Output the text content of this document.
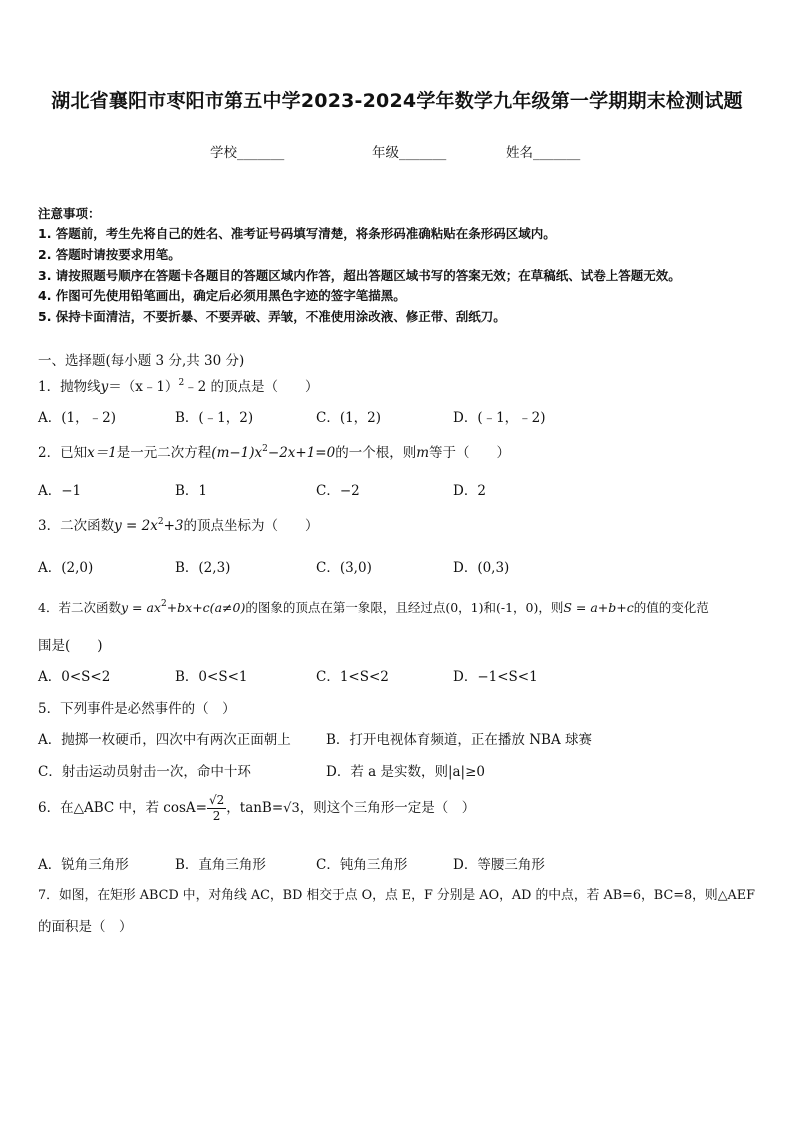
湖北省襄阳市枣阳市第五中学2023-2024学年数学九年级第一学期期末检测试题
学校_______	年级_______	姓名_______
注意事项：
1. 答题前，考生先将自己的姓名、准考证号码填写清楚，将条形码准确粘贴在条形码区域内。
2. 答题时请按要求用笔。
3. 请按照题号顺序在答题卡各题目的答题区域内作答，超出答题区域书写的答案无效；在草稿纸、试卷上答题无效。
4. 作图可先使用铅笔画出，确定后必须用黑色字迹的签字笔描黑。
5. 保持卡面清洁，不要折暴、不要弄破、弄皱，不准使用涂改液、修正带、刮纸刀。
一、选择题(每小题 3 分,共 30 分)
1．抛物线y＝（x﹣1）$^2$﹣2 的顶点是（　　）
A．(1，﹣2)	B．(﹣1，2)	C．(1，2)	D．(﹣1，﹣2)
2．已知x＝1是一元二次方程$(m-1)x^2-2x+1=0$的一个根，则m等于（　　）
A．−1	B．1	C．−2	D．2
3．二次函数$y = 2x^2+3$的顶点坐标为（　　）
A．(2,0)	B．(2,3)	C．(3,0)	D．(0,3)
4．若二次函数$y = ax^2+bx+c(a\ne 0)$的图象的顶点在第一象限，且经过点(0，1)和(-1，0)，则S = a+b+c的值的变化范
围是(　　)
A．0<S<2	B．0<S<1	C．1<S<2	D．−1<S<1
5．下列事件是必然事件的（　）
A．抛掷一枚硬币，四次中有两次正面朝上	B．打开电视体育频道，正在播放 NBA 球赛
C．射击运动员射击一次，命中十环	D．若 a 是实数，则|a|≥0
6．在△ABC 中，若 $\cos A= \frac{√2}{2}$ ，tanB=√3，则这个三角形一定是（　）
A．锐角三角形	B．直角三角形	C．钝角三角形	D．等腰三角形
7．如图，在矩形 ABCD 中，对角线 AC，BD 相交于点 O，点 E，F 分别是 AO，AD 的中点，若 AB=6，BC=8，则△AEF
的面积是（　）
